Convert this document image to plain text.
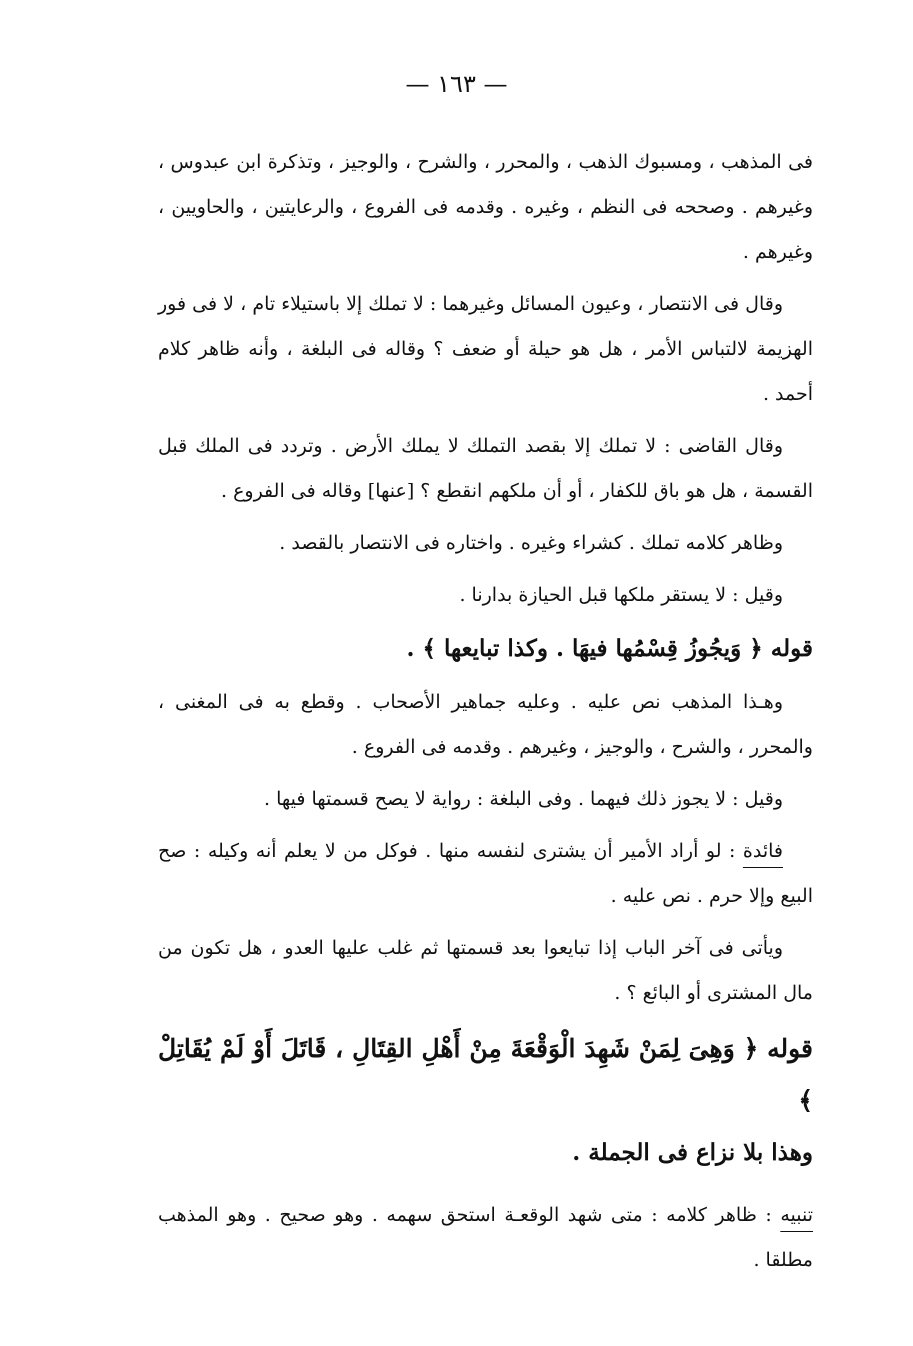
— ١٦٣ —

فى المذهب ، ومسبوك الذهب ، والمحرر ، والشرح ، والوجيز ، وتذكرة ابن عبدوس ، وغيرهم . وصححه فى النظم ، وغيره . وقدمه فى الفروع ، والرعايتين ، والحاويين ، وغيرهم .

وقال فى الانتصار ، وعيون المسائل وغيرهما : لا تملك إلا باستيلاء تام ، لا فى فور الهزيمة لالتباس الأمر ، هل هو حيلة أو ضعف ؟ وقاله فى البلغة ، وأنه ظاهر كلام أحمد .

وقال القاضى : لا تملك إلا بقصد التملك لا يملك الأرض . وتردد فى الملك قبل القسمة ، هل هو باق للكفار ، أو أن ملكهم انقطع ؟ [عنها] وقاله فى الفروع .

وظاهر كلامه تملك . كشراء وغيره . واختاره فى الانتصار بالقصد .

وقيل : لا يستقر ملكها قبل الحيازة بدارنا .

قوله ﴿ وَيجُوزُ قِسْمُها فيهَا . وكذا تبايعها ﴾ .

وهـذا المذهب نص عليه . وعليه جماهير الأصحاب . وقطع به فى المغنى ، والمحرر ، والشرح ، والوجيز ، وغيرهم . وقدمه فى الفروع .

وقيل : لا يجوز ذلك فيهما . وفى البلغة : رواية لا يصح قسمتها فيها .

فائدة : لو أراد الأمير أن يشترى لنفسه منها . فوكل من لا يعلم أنه وكيله : صح البيع وإلا حرم . نص عليه .

ويأتى فى آخر الباب إذا تبايعوا بعد قسمتها ثم غلب عليها العدو ، هل تكون من مال المشترى أو البائع ؟ .

قوله ﴿ وَهِىَ لِمَنْ شَهِدَ الْوَقْعَةَ مِنْ أَهْلِ القِتَالِ ، قَاتَلَ أَوْ لَمْ يُقَاتِلْ ﴾

وهذا بلا نزاع فى الجملة .

تنبيه : ظاهر كلامه : متى شهد الوقعـة استحق سهمه . وهو صحيح . وهو المذهب مطلقا .
